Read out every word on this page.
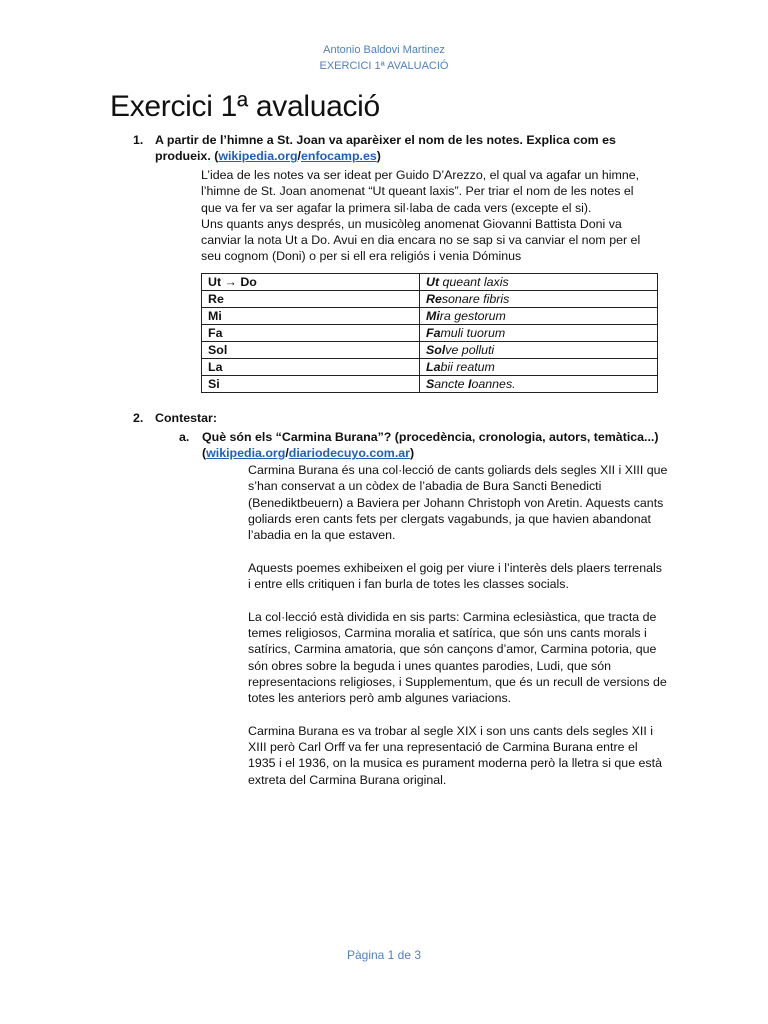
Antonio Baldovi Martinez
EXERCICI 1ª AVALUACIÓ
Exercici 1ª avaluació
1. A partir de l’himne a St. Joan va aparèixer el nom de les notes. Explica com es produeix. (wikipedia.org/enfocamp.es)

L’idea de les notes va ser ideat per Guido D’Arezzo, el qual va agafar un himne,

l’himne de St. Joan anomenat “Ut queant laxis”. Per triar el nom de les notes el

que va fer va ser agafar la primera sil·laba de cada vers (excepte el si).

Uns quants anys després, un musicòleg anomenat Giovanni Battista Doni va

canviar la nota Ut a Do. Avui en dia encara no se sap si va canviar el nom per el

seu cognom (Doni) o per si ell era religiós i venia Dóminus

Ut → Do	Ut queant laxis
Re	Resonare fibris
Mi	Mira gestorum
Fa	Famuli tuorum
Sol	Solve polluti
La	Labii reatum
Si	Sancte Ioannes.
2. Contestar:
a. Què són els “Carmina Burana”? (procedència, cronologia, autors, temàtica...) (wikipedia.org/diariodecuyo.com.ar)

Carmina Burana és una col·lecció de cants goliards dels segles XII i XIII que s’han conservat a un còdex de l’abadia de Bura Sancti Benedicti (Benediktbeuern) a Baviera per Johann Christoph von Aretin. Aquests cants goliards eren cants fets per clergats vagabunds, ja que havien abandonat l’abadia en la que estaven.

Aquests poemes exhibeixen el goig per viure i l’interès dels plaers terrenals i entre ells critiquen i fan burla de totes les classes socials.

La col·lecció està dividida en sis parts: Carmina eclesiàstica, que tracta de temes religiosos, Carmina moralia et satírica, que són uns cants morals i satírics, Carmina amatoria, que són cançons d’amor, Carmina potoria, que són obres sobre la beguda i unes quantes parodies, Ludi, que són representacions religioses, i Supplementum, que és un recull de versions de totes les anteriors però amb algunes variacions.

Carmina Burana es va trobar al segle XIX i son uns cants dels segles XII i XIII però Carl Orff va fer una representació de Carmina Burana entre el 1935 i el 1936, on la musica es purament moderna però la lletra si que està extreta del Carmina Burana original.

Pàgina 1 de 3
